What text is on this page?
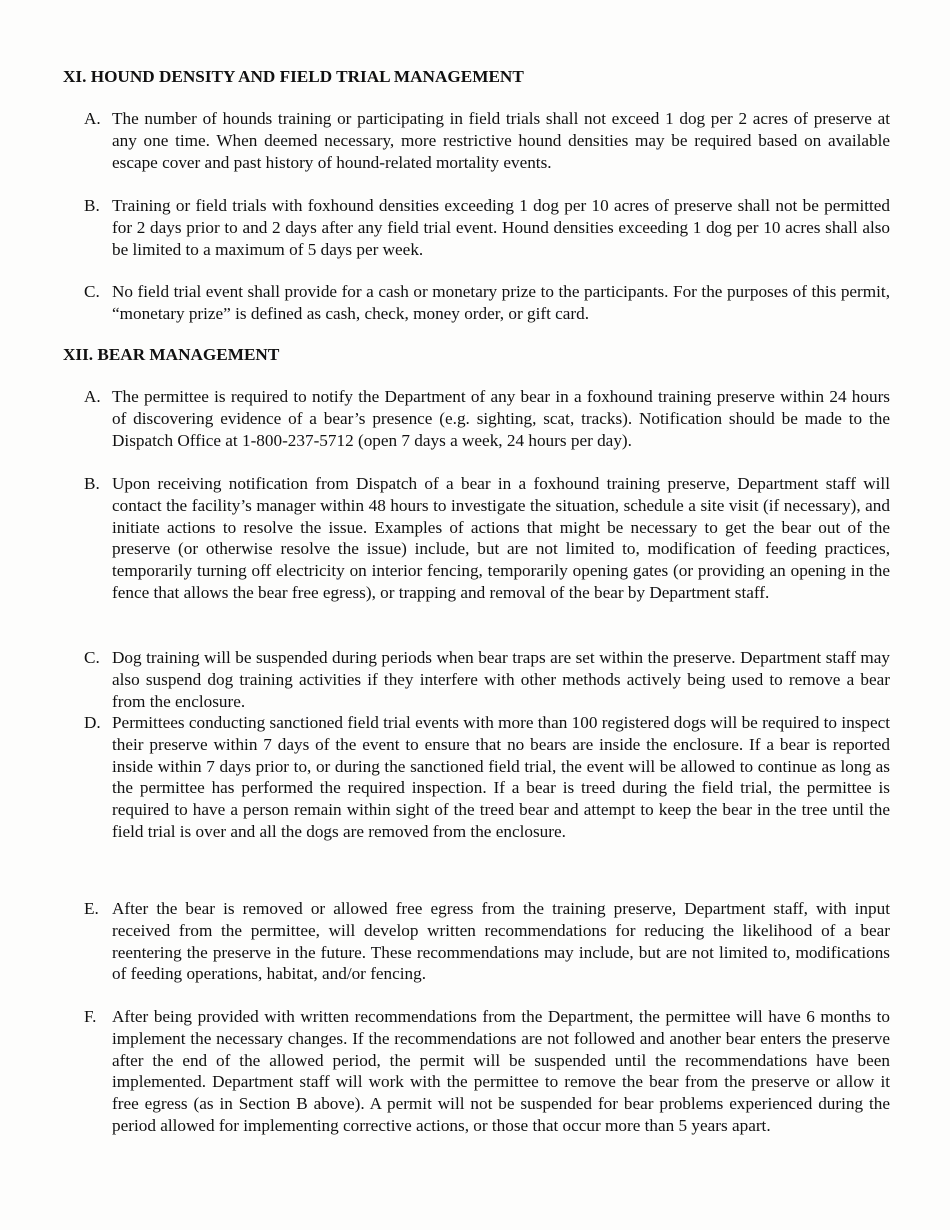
XI. HOUND DENSITY AND FIELD TRIAL MANAGEMENT
A. The number of hounds training or participating in field trials shall not exceed 1 dog per 2 acres of preserve at any one time. When deemed necessary, more restrictive hound densities may be required based on available escape cover and past history of hound-related mortality events.
B. Training or field trials with foxhound densities exceeding 1 dog per 10 acres of preserve shall not be permitted for 2 days prior to and 2 days after any field trial event. Hound densities exceeding 1 dog per 10 acres shall also be limited to a maximum of 5 days per week.
C. No field trial event shall provide for a cash or monetary prize to the participants. For the purposes of this permit, “monetary prize” is defined as cash, check, money order, or gift card.
XII. BEAR MANAGEMENT
A. The permittee is required to notify the Department of any bear in a foxhound training preserve within 24 hours of discovering evidence of a bear’s presence (e.g. sighting, scat, tracks). Notification should be made to the Dispatch Office at 1-800-237-5712 (open 7 days a week, 24 hours per day).
B. Upon receiving notification from Dispatch of a bear in a foxhound training preserve, Department staff will contact the facility’s manager within 48 hours to investigate the situation, schedule a site visit (if necessary), and initiate actions to resolve the issue. Examples of actions that might be necessary to get the bear out of the preserve (or otherwise resolve the issue) include, but are not limited to, modification of feeding practices, temporarily turning off electricity on interior fencing, temporarily opening gates (or providing an opening in the fence that allows the bear free egress), or trapping and removal of the bear by Department staff.
C. Dog training will be suspended during periods when bear traps are set within the preserve. Department staff may also suspend dog training activities if they interfere with other methods actively being used to remove a bear from the enclosure.
D. Permittees conducting sanctioned field trial events with more than 100 registered dogs will be required to inspect their preserve within 7 days of the event to ensure that no bears are inside the enclosure. If a bear is reported inside within 7 days prior to, or during the sanctioned field trial, the event will be allowed to continue as long as the permittee has performed the required inspection. If a bear is treed during the field trial, the permittee is required to have a person remain within sight of the treed bear and attempt to keep the bear in the tree until the field trial is over and all the dogs are removed from the enclosure.
E. After the bear is removed or allowed free egress from the training preserve, Department staff, with input received from the permittee, will develop written recommendations for reducing the likelihood of a bear reentering the preserve in the future. These recommendations may include, but are not limited to, modifications of feeding operations, habitat, and/or fencing.
F. After being provided with written recommendations from the Department, the permittee will have 6 months to implement the necessary changes. If the recommendations are not followed and another bear enters the preserve after the end of the allowed period, the permit will be suspended until the recommendations have been implemented. Department staff will work with the permittee to remove the bear from the preserve or allow it free egress (as in Section B above). A permit will not be suspended for bear problems experienced during the period allowed for implementing corrective actions, or those that occur more than 5 years apart.
